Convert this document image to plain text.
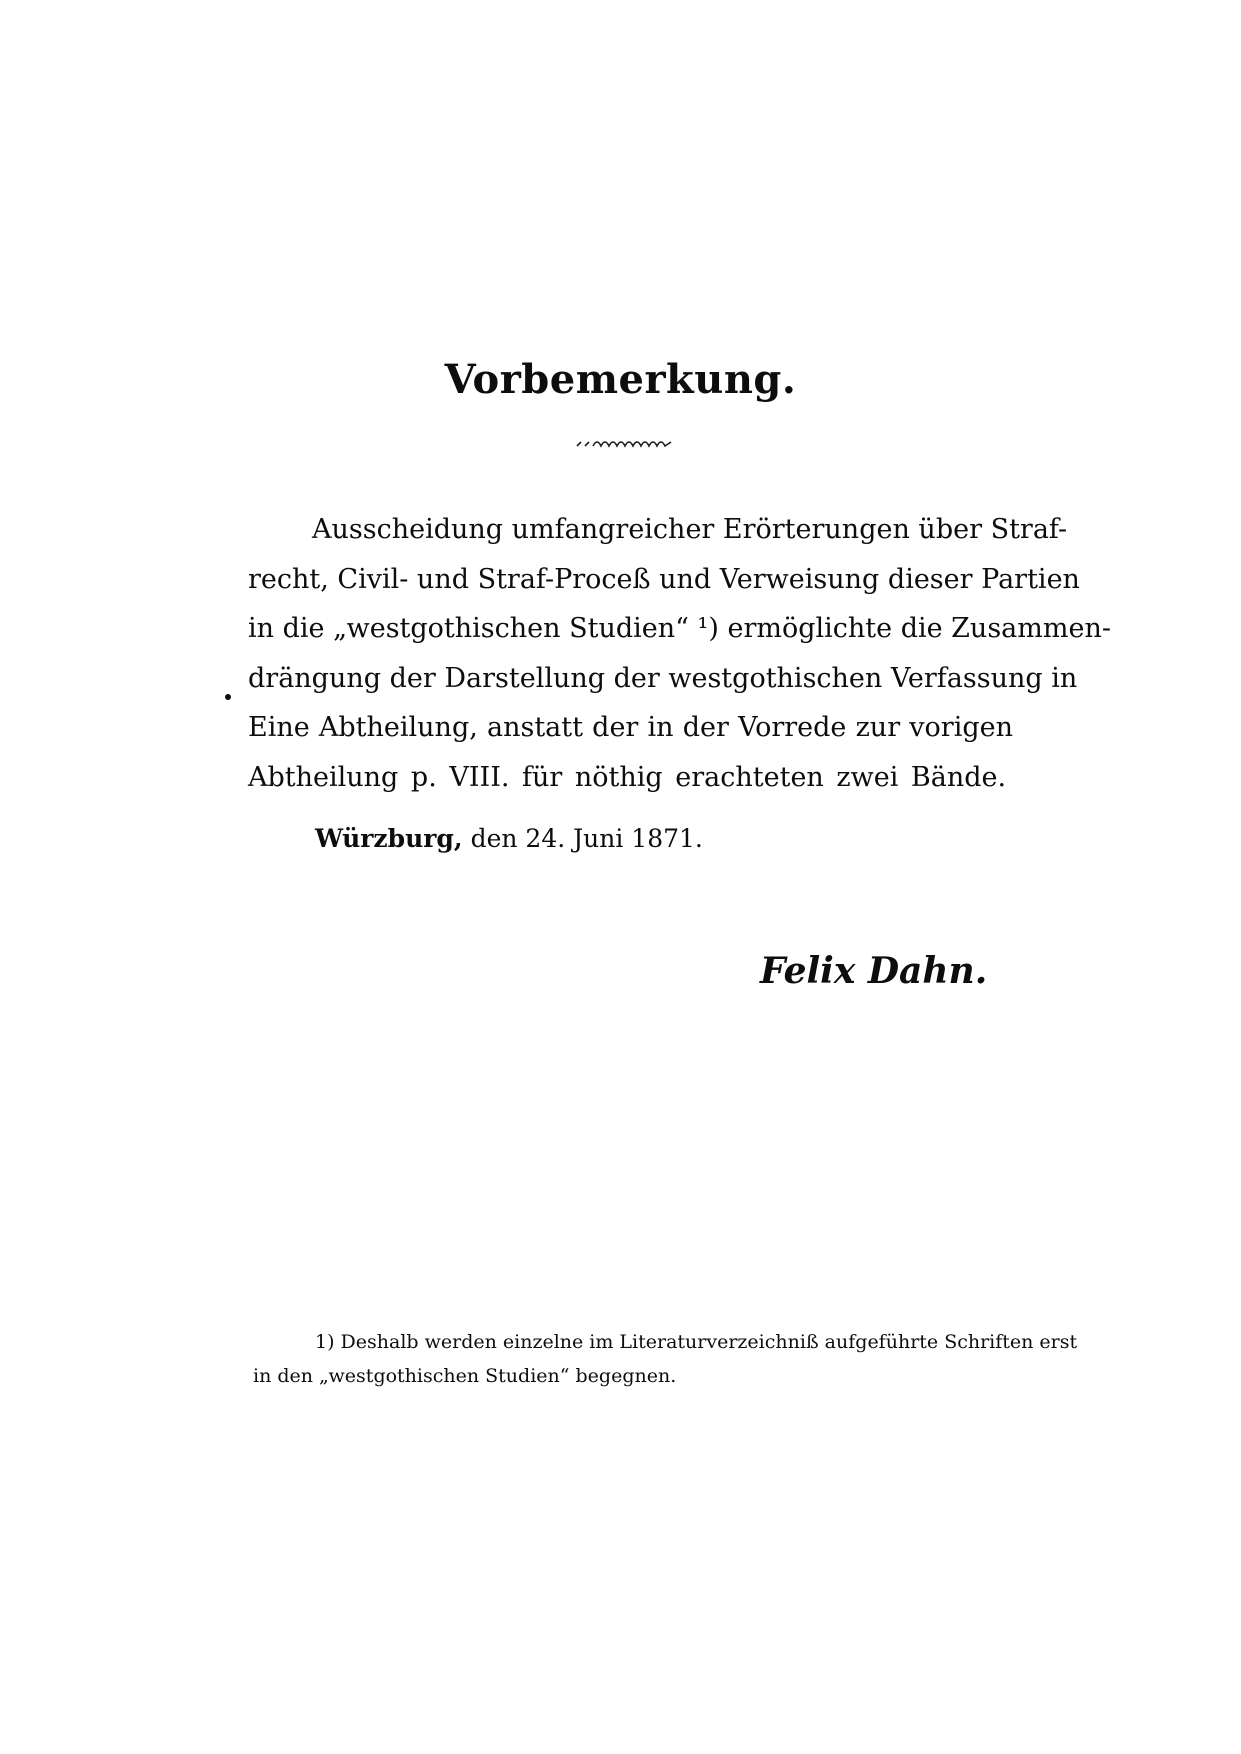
Vorbemerkung.
Ausscheidung umfangreicher Erörterungen über Straf-
recht, Civil- und Straf-Proceß und Verweisung dieser Partien
in die „westgothischen Studien“ ¹) ermöglichte die Zusammen-
drängung der Darstellung der westgothischen Verfassung in
Eine Abtheilung, anstatt der in der Vorrede zur vorigen
Abtheilung p. VIII. für nöthig erachteten zwei Bände.
Würzburg, den 24. Juni 1871.
Felix Dahn.
1) Deshalb werden einzelne im Literaturverzeichniß aufgeführte Schriften erst
in den „westgothischen Studien“ begegnen.
